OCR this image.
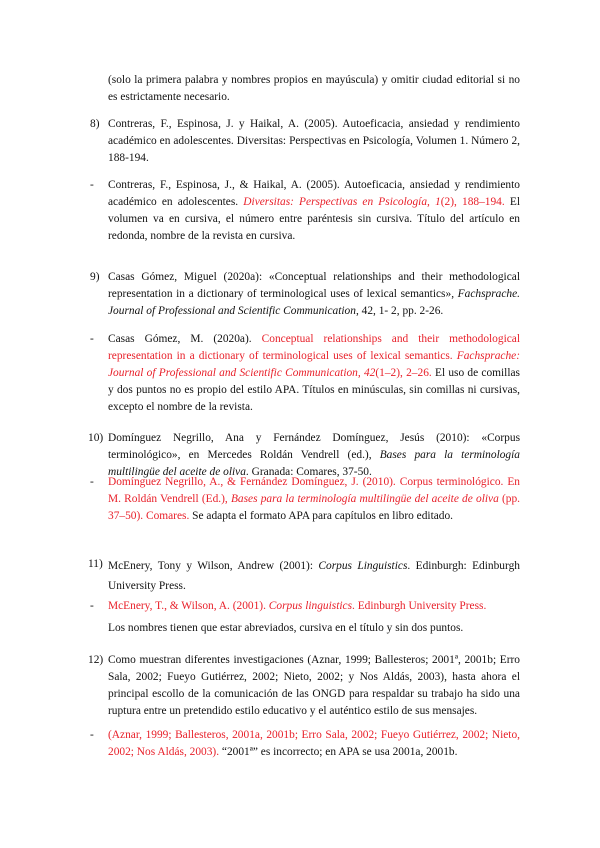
(solo la primera palabra y nombres propios en mayúscula) y omitir ciudad editorial si no es estrictamente necesario.

8) Contreras, F., Espinosa, J. y Haikal, A. (2005). Autoeficacia, ansiedad y rendimiento académico en adolescentes. Diversitas: Perspectivas en Psicología, Volumen 1. Número 2, 188-194.

-	Contreras, F., Espinosa, J., & Haikal, A. (2005). Autoeficacia, ansiedad y rendimiento académico en adolescentes. Diversitas: Perspectivas en Psicología, 1(2), 188–194. El volumen va en cursiva, el número entre paréntesis sin cursiva. Título del artículo en redonda, nombre de la revista en cursiva.

9) Casas Gómez, Miguel (2020a): «Conceptual relationships and their methodological representation in a dictionary of terminological uses of lexical semantics», Fachsprache. Journal of Professional and Scientific Communication, 42, 1- 2, pp. 2-26.

-	Casas Gómez, M. (2020a). Conceptual relationships and their methodological representation in a dictionary of terminological uses of lexical semantics. Fachsprache: Journal of Professional and Scientific Communication, 42(1–2), 2–26. El uso de comillas y dos puntos no es propio del estilo APA. Títulos en minúsculas, sin comillas ni cursivas, excepto el nombre de la revista.

10) Domínguez Negrillo, Ana y Fernández Domínguez, Jesús (2010): «Corpus terminológico», en Mercedes Roldán Vendrell (ed.), Bases para la terminología multilingüe del aceite de oliva. Granada: Comares, 37-50.

-	Domínguez Negrillo, A., & Fernández Domínguez, J. (2010). Corpus terminológico. En M. Roldán Vendrell (Ed.), Bases para la terminología multilingüe del aceite de oliva (pp. 37–50). Comares. Se adapta el formato APA para capítulos en libro editado.

11) McEnery, Tony y Wilson, Andrew (2001): Corpus Linguistics. Edinburgh: Edinburgh University Press.

-	McEnery, T., & Wilson, A. (2001). Corpus linguistics. Edinburgh University Press.

Los nombres tienen que estar abreviados, cursiva en el título y sin dos puntos.

12) Como muestran diferentes investigaciones (Aznar, 1999; Ballesteros; 2001ª, 2001b; Erro Sala, 2002; Fueyo Gutiérrez, 2002; Nieto, 2002; y Nos Aldás, 2003), hasta ahora el principal escollo de la comunicación de las ONGD para respaldar su trabajo ha sido una ruptura entre un pretendido estilo educativo y el auténtico estilo de sus mensajes.

-	(Aznar, 1999; Ballesteros, 2001a, 2001b; Erro Sala, 2002; Fueyo Gutiérrez, 2002; Nieto, 2002; Nos Aldás, 2003). “2001ª” es incorrecto; en APA se usa 2001a, 2001b.
